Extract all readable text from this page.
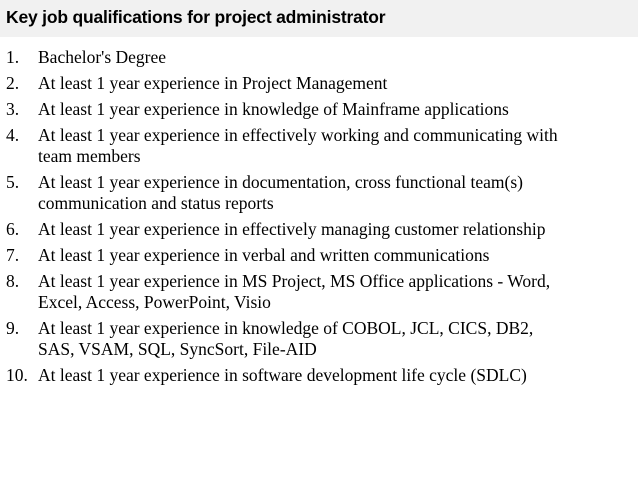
Key job qualifications for project administrator
1. Bachelor's Degree
2. At least 1 year experience in Project Management
3. At least 1 year experience in knowledge of Mainframe applications
4. At least 1 year experience in effectively working and communicating with
team members
5. At least 1 year experience in documentation, cross functional team(s)
communication and status reports
6. At least 1 year experience in effectively managing customer relationship
7. At least 1 year experience in verbal and written communications
8. At least 1 year experience in MS Project, MS Office applications - Word,
Excel, Access, PowerPoint, Visio
9. At least 1 year experience in knowledge of COBOL, JCL, CICS, DB2,
SAS, VSAM, SQL, SyncSort, File-AID
10. At least 1 year experience in software development life cycle (SDLC)
